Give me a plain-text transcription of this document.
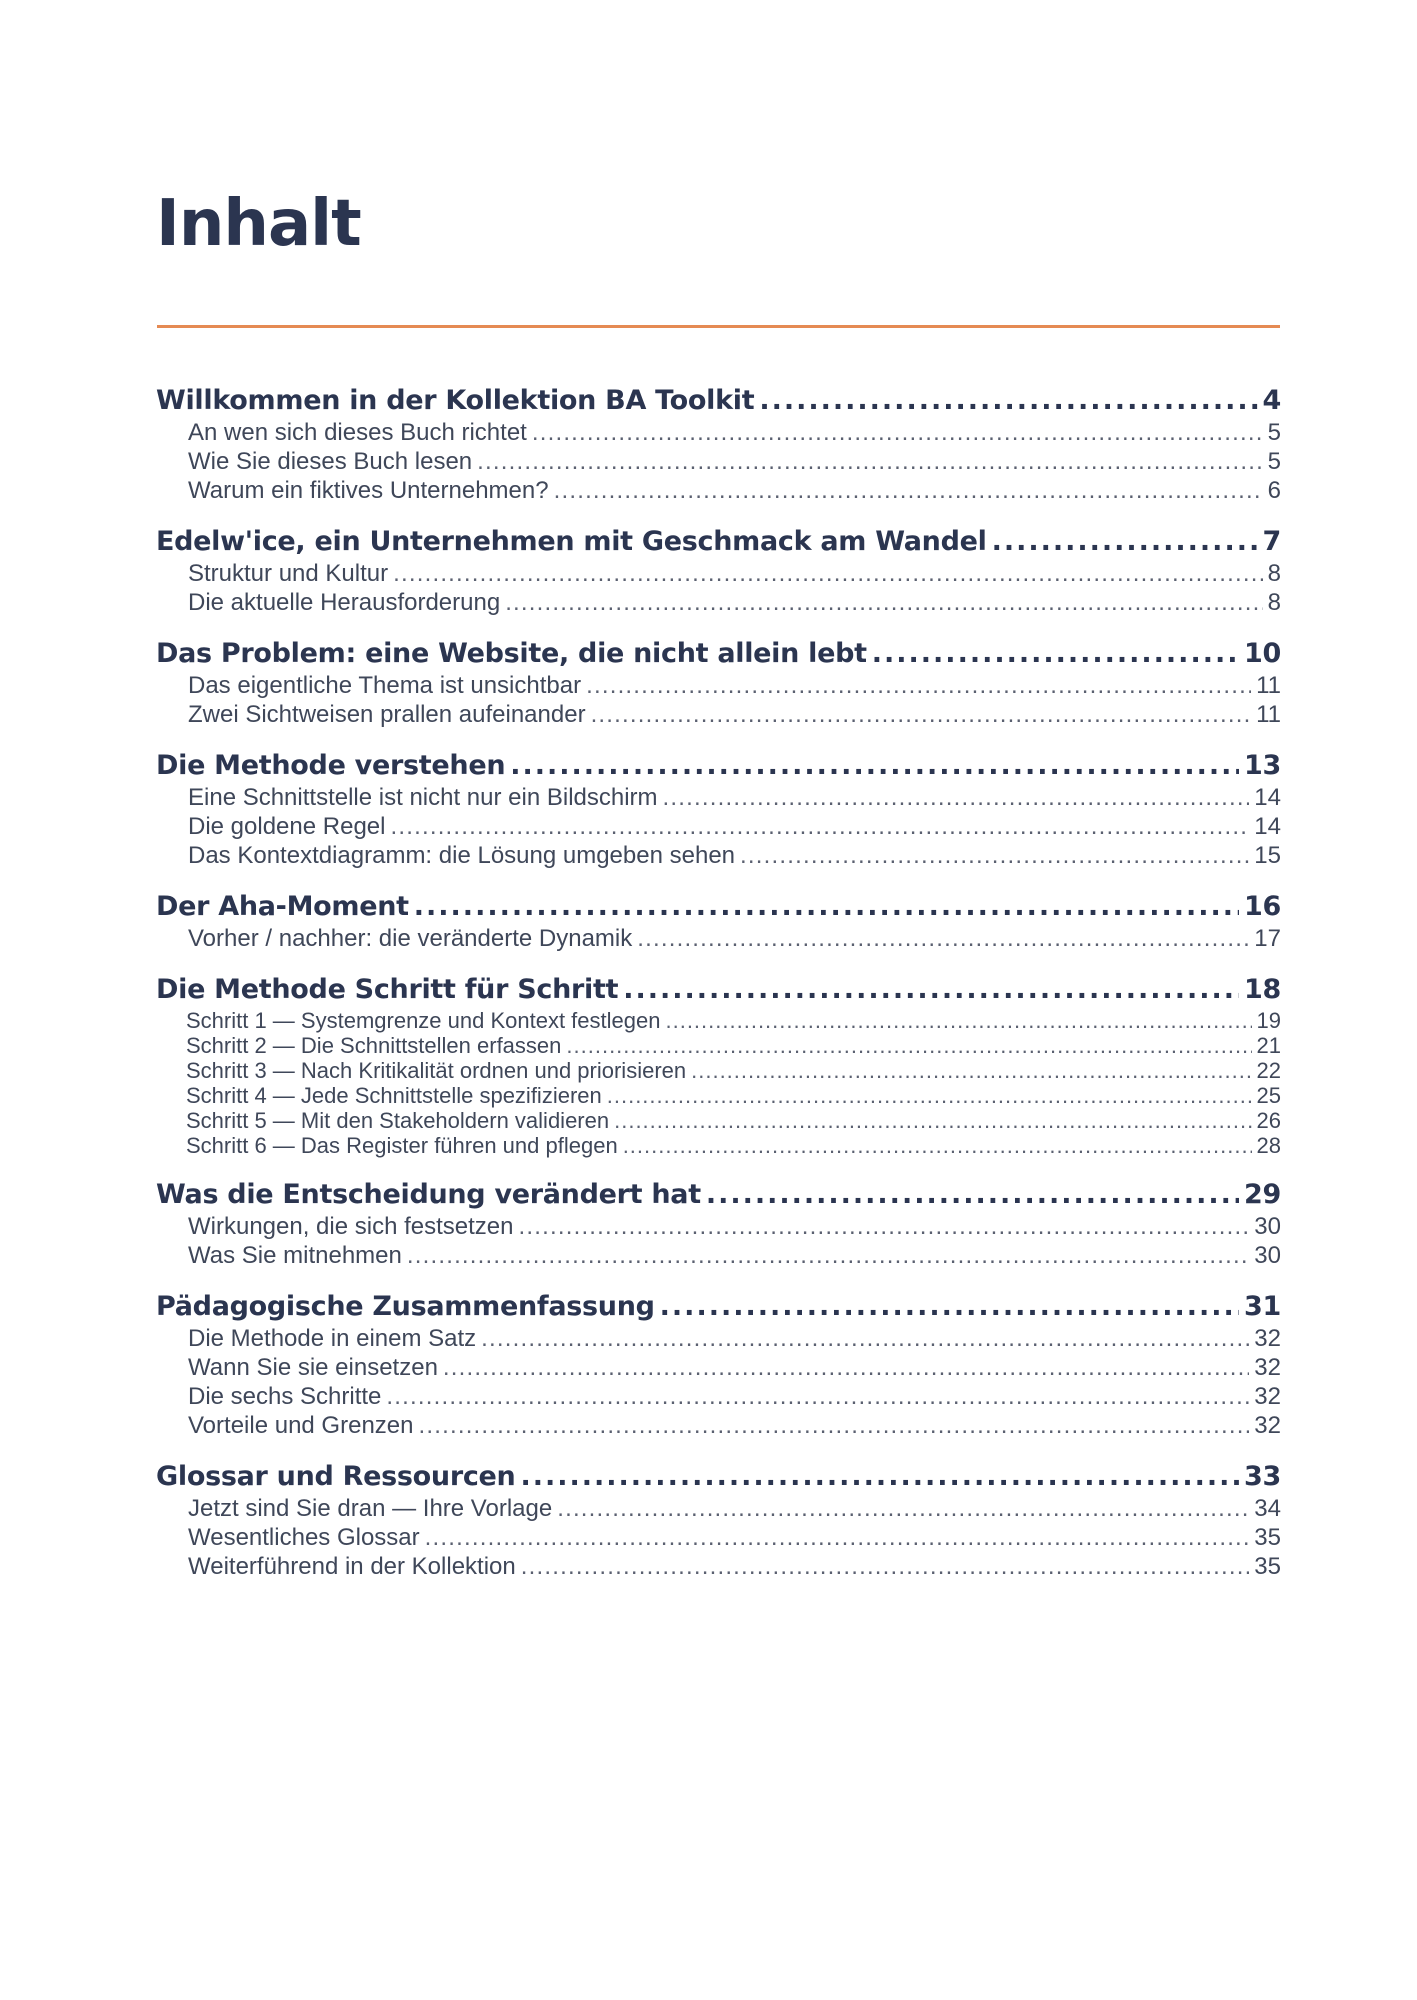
Inhalt
Willkommen in der Kollektion BA Toolkit .....	4
An wen sich dieses Buch richtet .....	5
Wie Sie dieses Buch lesen .....	5
Warum ein fiktives Unternehmen? .....	6
Edelw'ice, ein Unternehmen mit Geschmack am Wandel .....	7
Struktur und Kultur .....	8
Die aktuelle Herausforderung .....	8
Das Problem: eine Website, die nicht allein lebt .....	10
Das eigentliche Thema ist unsichtbar .....	11
Zwei Sichtweisen prallen aufeinander .....	11
Die Methode verstehen .....	13
Eine Schnittstelle ist nicht nur ein Bildschirm .....	14
Die goldene Regel .....	14
Das Kontextdiagramm: die Lösung umgeben sehen .....	15
Der Aha-Moment .....	16
Vorher / nachher: die veränderte Dynamik .....	17
Die Methode Schritt für Schritt .....	18
Schritt 1 — Systemgrenze und Kontext festlegen .....	19
Schritt 2 — Die Schnittstellen erfassen .....	21
Schritt 3 — Nach Kritikalität ordnen und priorisieren .....	22
Schritt 4 — Jede Schnittstelle spezifizieren .....	25
Schritt 5 — Mit den Stakeholdern validieren .....	26
Schritt 6 — Das Register führen und pflegen .....	28
Was die Entscheidung verändert hat .....	29
Wirkungen, die sich festsetzen .....	30
Was Sie mitnehmen .....	30
Pädagogische Zusammenfassung .....	31
Die Methode in einem Satz .....	32
Wann Sie sie einsetzen .....	32
Die sechs Schritte .....	32
Vorteile und Grenzen .....	32
Glossar und Ressourcen .....	33
Jetzt sind Sie dran — Ihre Vorlage .....	34
Wesentliches Glossar .....	35
Weiterführend in der Kollektion .....	35
